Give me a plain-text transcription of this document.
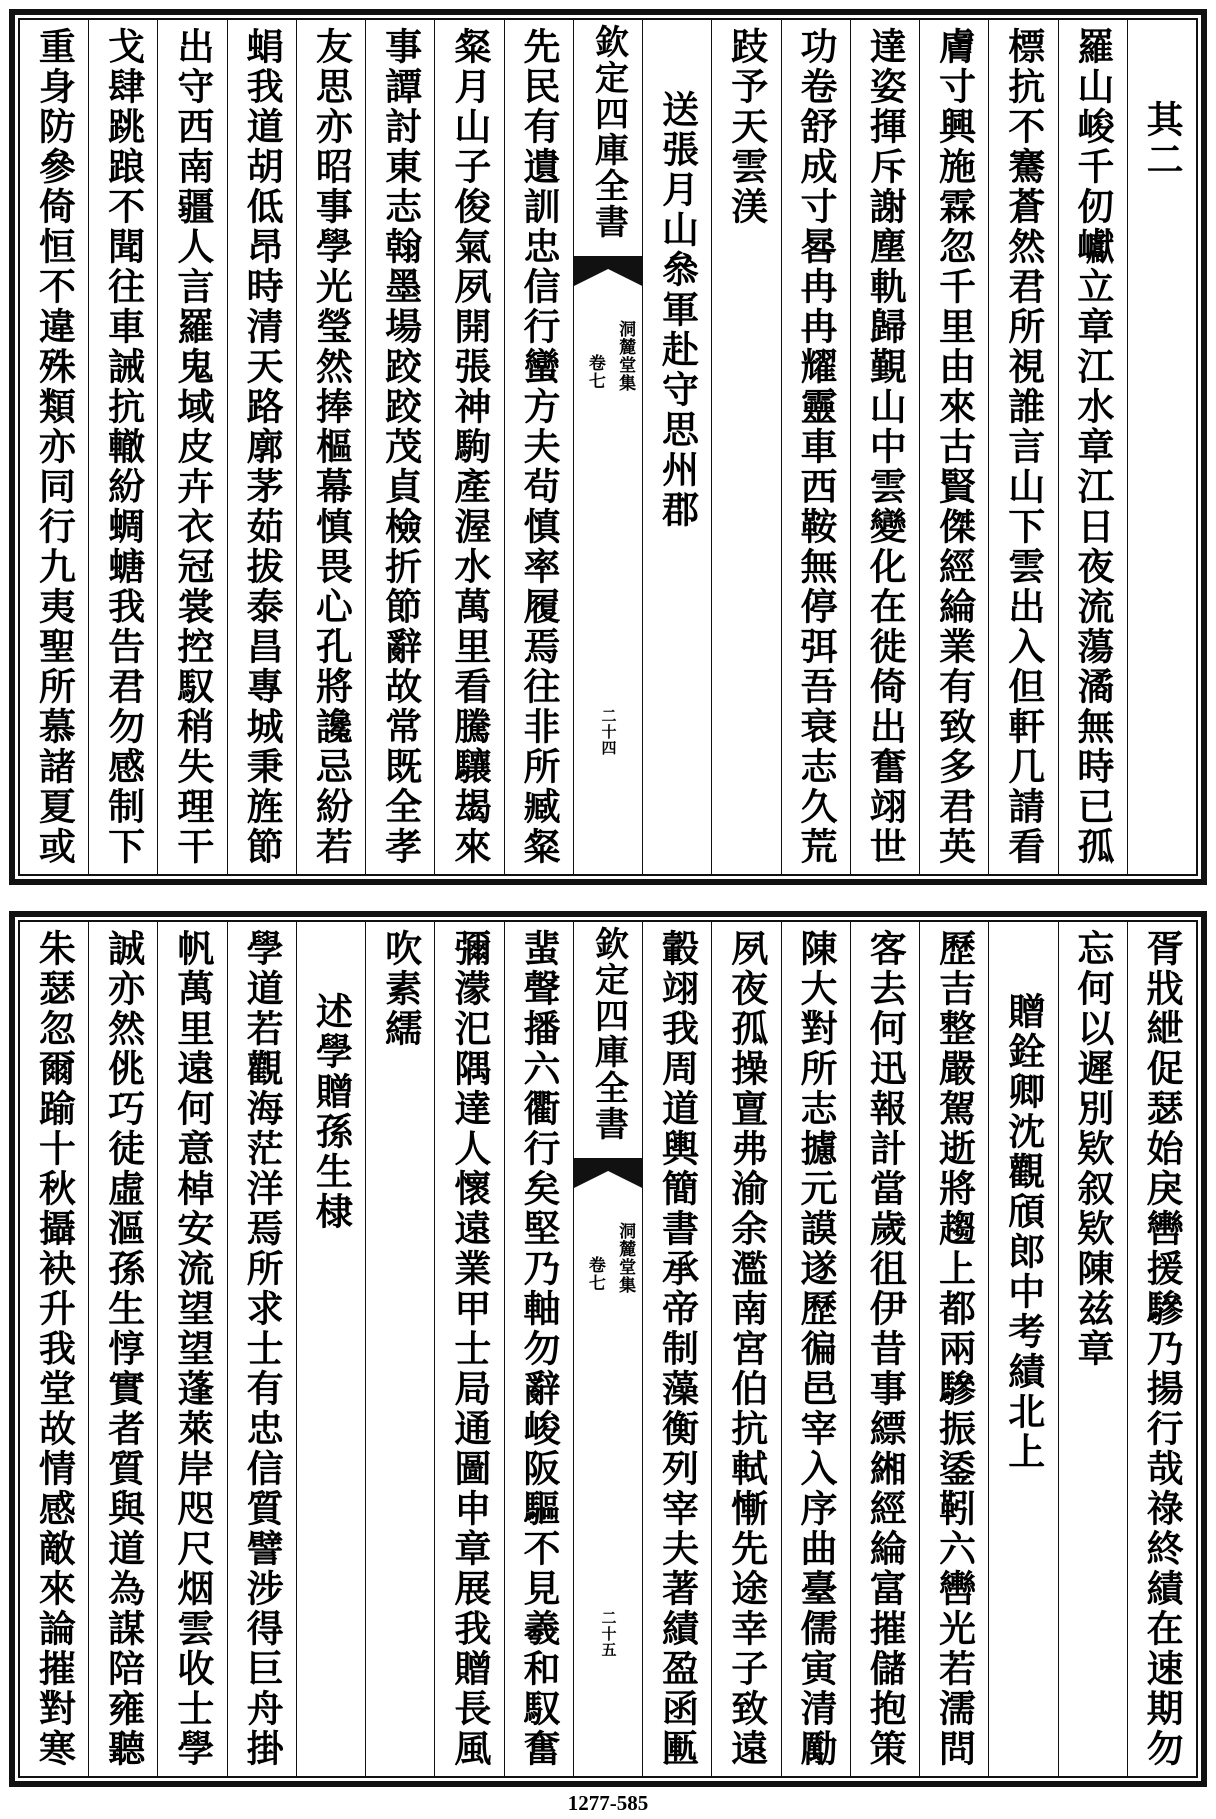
其二
羅山峻千仞巘立章江水章江日夜流蕩潏無時已孤
標抗不騫蒼然君所視誰言山下雲出入但軒几請看
膚寸興施霖忽千里由來古賢傑經綸業有致多君英
達姿揮斥謝塵軌歸覲山中雲變化在徙倚出奮翊世
功卷舒成寸晷冉冉耀靈車西鞍無停弭吾衰志久荒
跂予天雲渼
送張月山叅軍赴守思州郡
欽定四庫全書
洞麓堂集
卷七
二十四
先民有遺訓忠信行蠻方夫茍慎率履焉往非所臧粲
粲月山子俊氣夙開張神駒產渥水萬里看騰驤朅來
事譚討東志翰墨場跤跤茂貞檢折節辭故常既全孝
友思亦昭事學光瑩然捧樞幕慎畏心孔將讒忌紛若
蜎我道胡低昂時清天路廓茅茹拔泰昌專城秉旌節
出守西南疆人言羅鬼域皮卉衣冠裳控馭稍失理干
戈肆跳踉不聞往車誡抗轍紛蜩螗我告君勿感制下
重身防參倚恒不違殊類亦同行九夷聖所慕諸夏或
胥戕紲促瑟始戾轡援驂乃揚行哉祿終績在速期勿
忘何以遲別欵叙欵陳兹章
贈銓卿沈觀頎郎中考績北上
歷吉整嚴駕逝將趨上都兩驂振鋈靷六轡光若濡問
客去何迅報計當歲徂伊昔事縹緗經綸富摧儲抱策
陳大對所志攄元謨遂歷徧邑宰入序曲臺儒寅清勵
夙夜孤操亶弗渝余濫南宮伯抗軾慚先途幸子致遠
轂翊我周道輿簡書承帝制藻衡列宰夫著績盈函匭
欽定四庫全書
洞麓堂集
卷七
二十五
蜚聲播六衢行矣堅乃軸勿辭峻阪驅不見羲和馭奮
彌濛汜隅達人懷遠業甲士局通圖申章展我贈長風
吹素繻
述學贈孫生棣
學道若觀海茫洋焉所求士有忠信質譬涉得巨舟掛
帆萬里遠何意棹安流望望蓬萊岸咫尺烟雲收士學
誠亦然佻巧徒虛漚孫生惇實者質與道為謀陪雍聽
朱瑟忽爾踰十秋攝袂升我堂故情感敵來論摧對寒
1277-585
